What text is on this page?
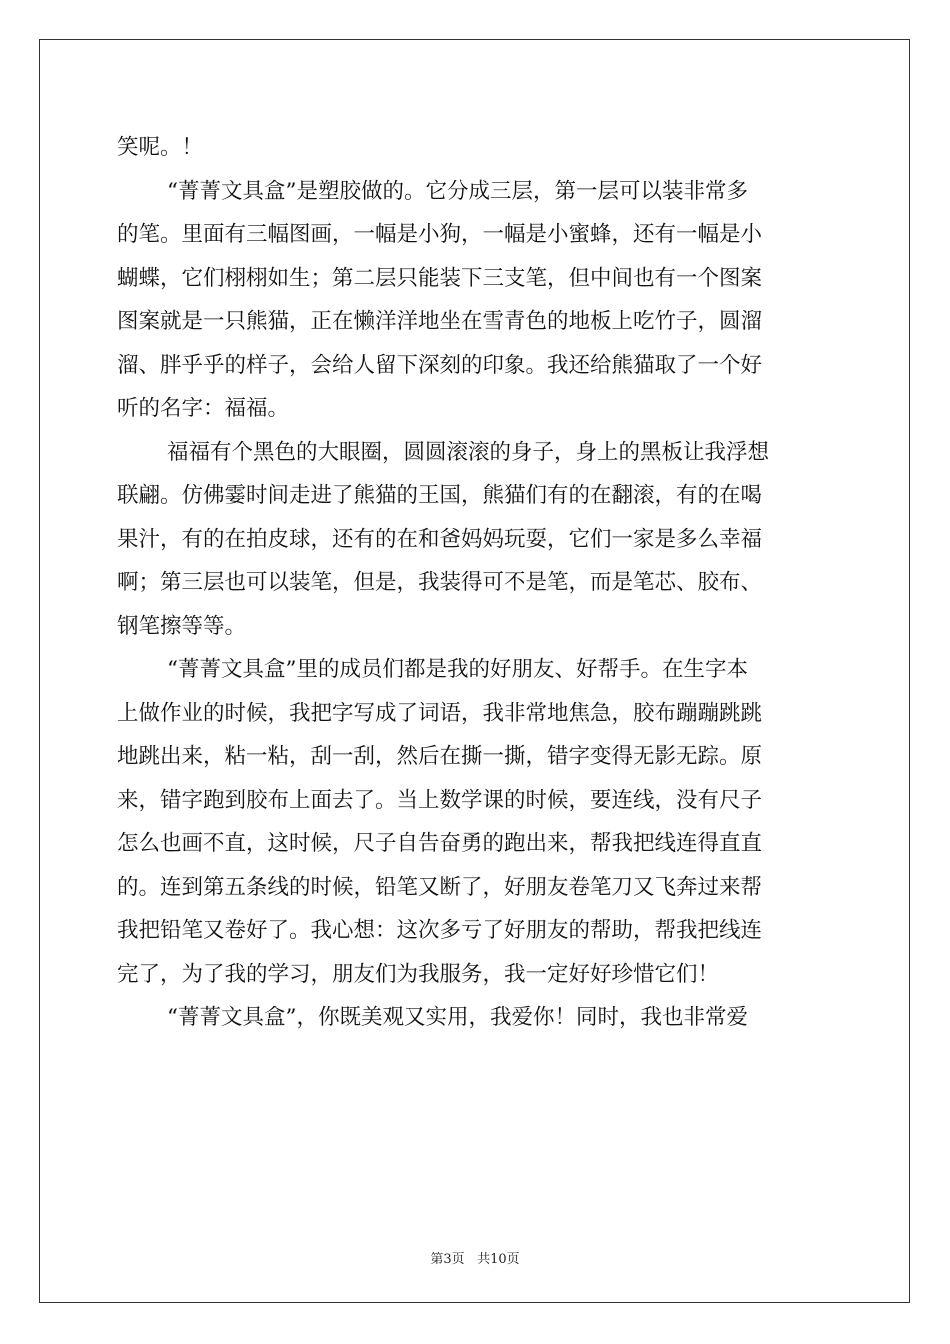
笑呢。！
“菁菁文具盒”是塑胶做的。它分成三层，第一层可以装非常多
的笔。里面有三幅图画，一幅是小狗，一幅是小蜜蜂，还有一幅是小
蝴蝶，它们栩栩如生；第二层只能装下三支笔，但中间也有一个图案
图案就是一只熊猫，正在懒洋洋地坐在雪青色的地板上吃竹子，圆溜
溜、胖乎乎的样子，会给人留下深刻的印象。我还给熊猫取了一个好
听的名字：福福。
福福有个黑色的大眼圈，圆圆滚滚的身子，身上的黑板让我浮想
联翩。仿佛霎时间走进了熊猫的王国，熊猫们有的在翻滚，有的在喝
果汁，有的在拍皮球，还有的在和爸妈妈玩耍，它们一家是多么幸福
啊；第三层也可以装笔，但是，我装得可不是笔，而是笔芯、胶布、
钢笔擦等等。
“菁菁文具盒”里的成员们都是我的好朋友、好帮手。在生字本
上做作业的时候，我把字写成了词语，我非常地焦急，胶布蹦蹦跳跳
地跳出来，粘一粘，刮一刮，然后在撕一撕，错字变得无影无踪。原
来，错字跑到胶布上面去了。当上数学课的时候，要连线，没有尺子
怎么也画不直，这时候，尺子自告奋勇的跑出来，帮我把线连得直直
的。连到第五条线的时候，铅笔又断了，好朋友卷笔刀又飞奔过来帮
我把铅笔又卷好了。我心想：这次多亏了好朋友的帮助，帮我把线连
完了，为了我的学习，朋友们为我服务，我一定好好珍惜它们！
“菁菁文具盒”，你既美观又实用，我爱你！同时，我也非常爱
第3页 共10页
